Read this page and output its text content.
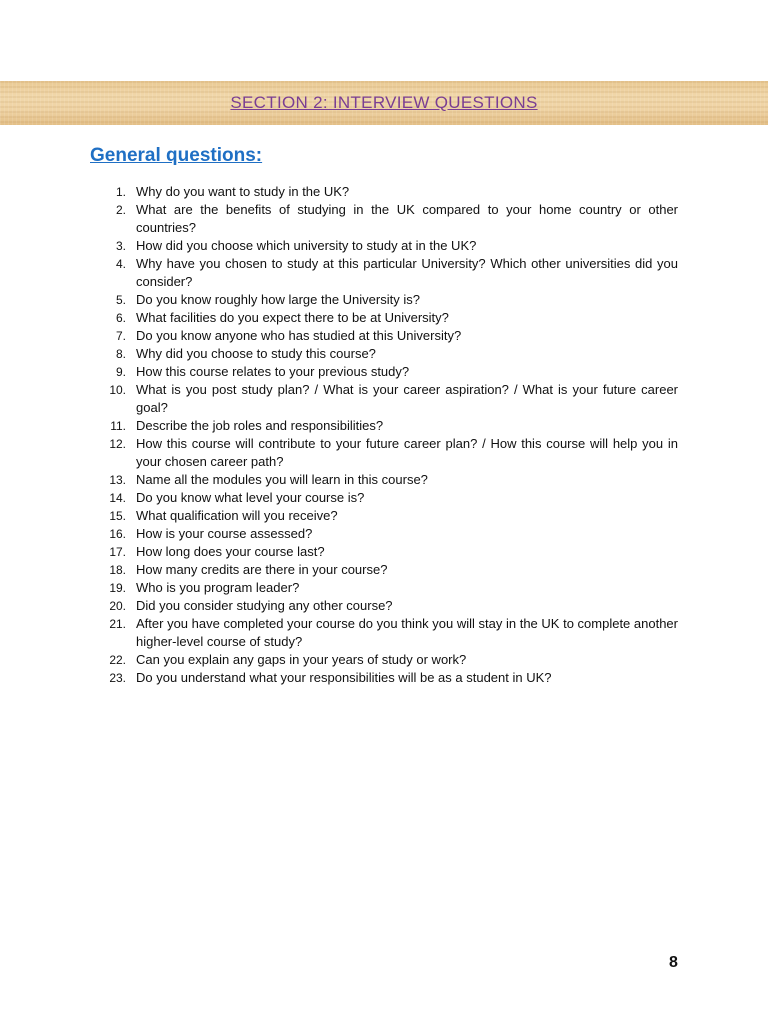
SECTION 2: INTERVIEW QUESTIONS
General questions:
1. Why do you want to study in the UK?
2. What are the benefits of studying in the UK compared to your home country or other countries?
3. How did you choose which university to study at in the UK?
4. Why have you chosen to study at this particular University? Which other universities did you consider?
5. Do you know roughly how large the University is?
6. What facilities do you expect there to be at University?
7. Do you know anyone who has studied at this University?
8. Why did you choose to study this course?
9. How this course relates to your previous study?
10. What is you post study plan? / What is your career aspiration? / What is your future career goal?
11. Describe the job roles and responsibilities?
12. How this course will contribute to your future career plan? / How this course will help you in your chosen career path?
13. Name all the modules you will learn in this course?
14. Do you know what level your course is?
15. What qualification will you receive?
16. How is your course assessed?
17. How long does your course last?
18. How many credits are there in your course?
19. Who is you program leader?
20. Did you consider studying any other course?
21. After you have completed your course do you think you will stay in the UK to complete another higher-level course of study?
22. Can you explain any gaps in your years of study or work?
23. Do you understand what your responsibilities will be as a student in UK?
8
